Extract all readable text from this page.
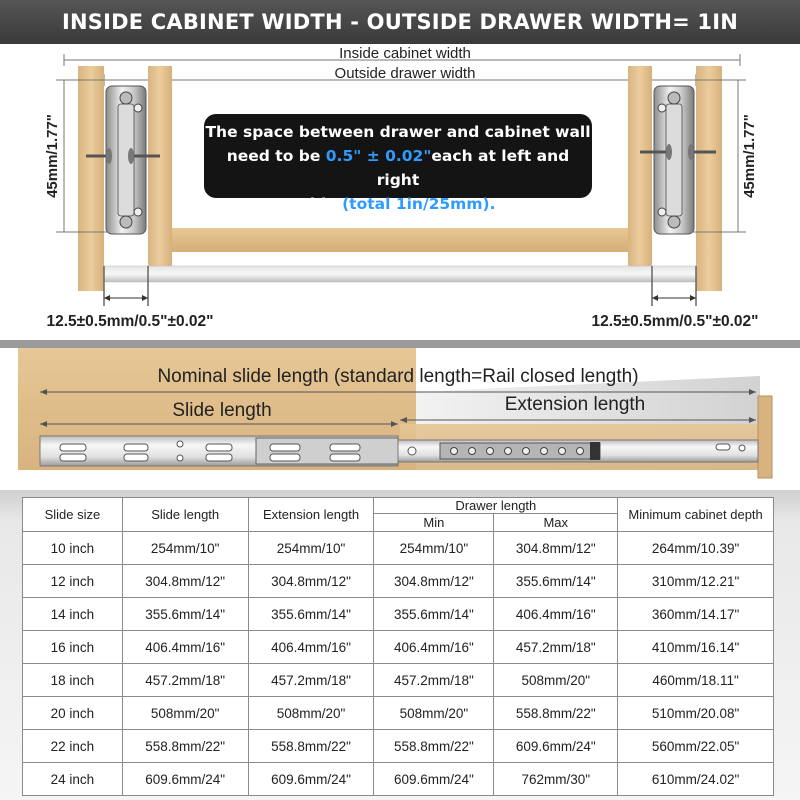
INSIDE CABINET WIDTH - OUTSIDE DRAWER WIDTH= 1IN
Inside cabinet width
Outside drawer width
45mm/1.77"	45mm/1.77"
12.5±0.5mm/0.5"±0.02"	12.5±0.5mm/0.5"±0.02"
The space between drawer and cabinet wall
need to be 0.5" ± 0.02"each at left and right
side (total 1in/25mm).
Nominal slide length (standard length=Rail closed length)
Slide length	Extension length
Slide size	Slide length	Extension length	Drawer length		Minimum cabinet depth
			Min	Max	
10 inch	254mm/10"	254mm/10"	254mm/10"	304.8mm/12"	264mm/10.39"
12 inch	304.8mm/12"	304.8mm/12"	304.8mm/12"	355.6mm/14"	310mm/12.21"
14 inch	355.6mm/14"	355.6mm/14"	355.6mm/14"	406.4mm/16"	360mm/14.17"
16 inch	406.4mm/16"	406.4mm/16"	406.4mm/16"	457.2mm/18"	410mm/16.14"
18 inch	457.2mm/18"	457.2mm/18"	457.2mm/18"	508mm/20"	460mm/18.11"
20 inch	508mm/20"	508mm/20"	508mm/20"	558.8mm/22"	510mm/20.08"
22 inch	558.8mm/22"	558.8mm/22"	558.8mm/22"	609.6mm/24"	560mm/22.05"
24 inch	609.6mm/24"	609.6mm/24"	609.6mm/24"	762mm/30"	610mm/24.02"
